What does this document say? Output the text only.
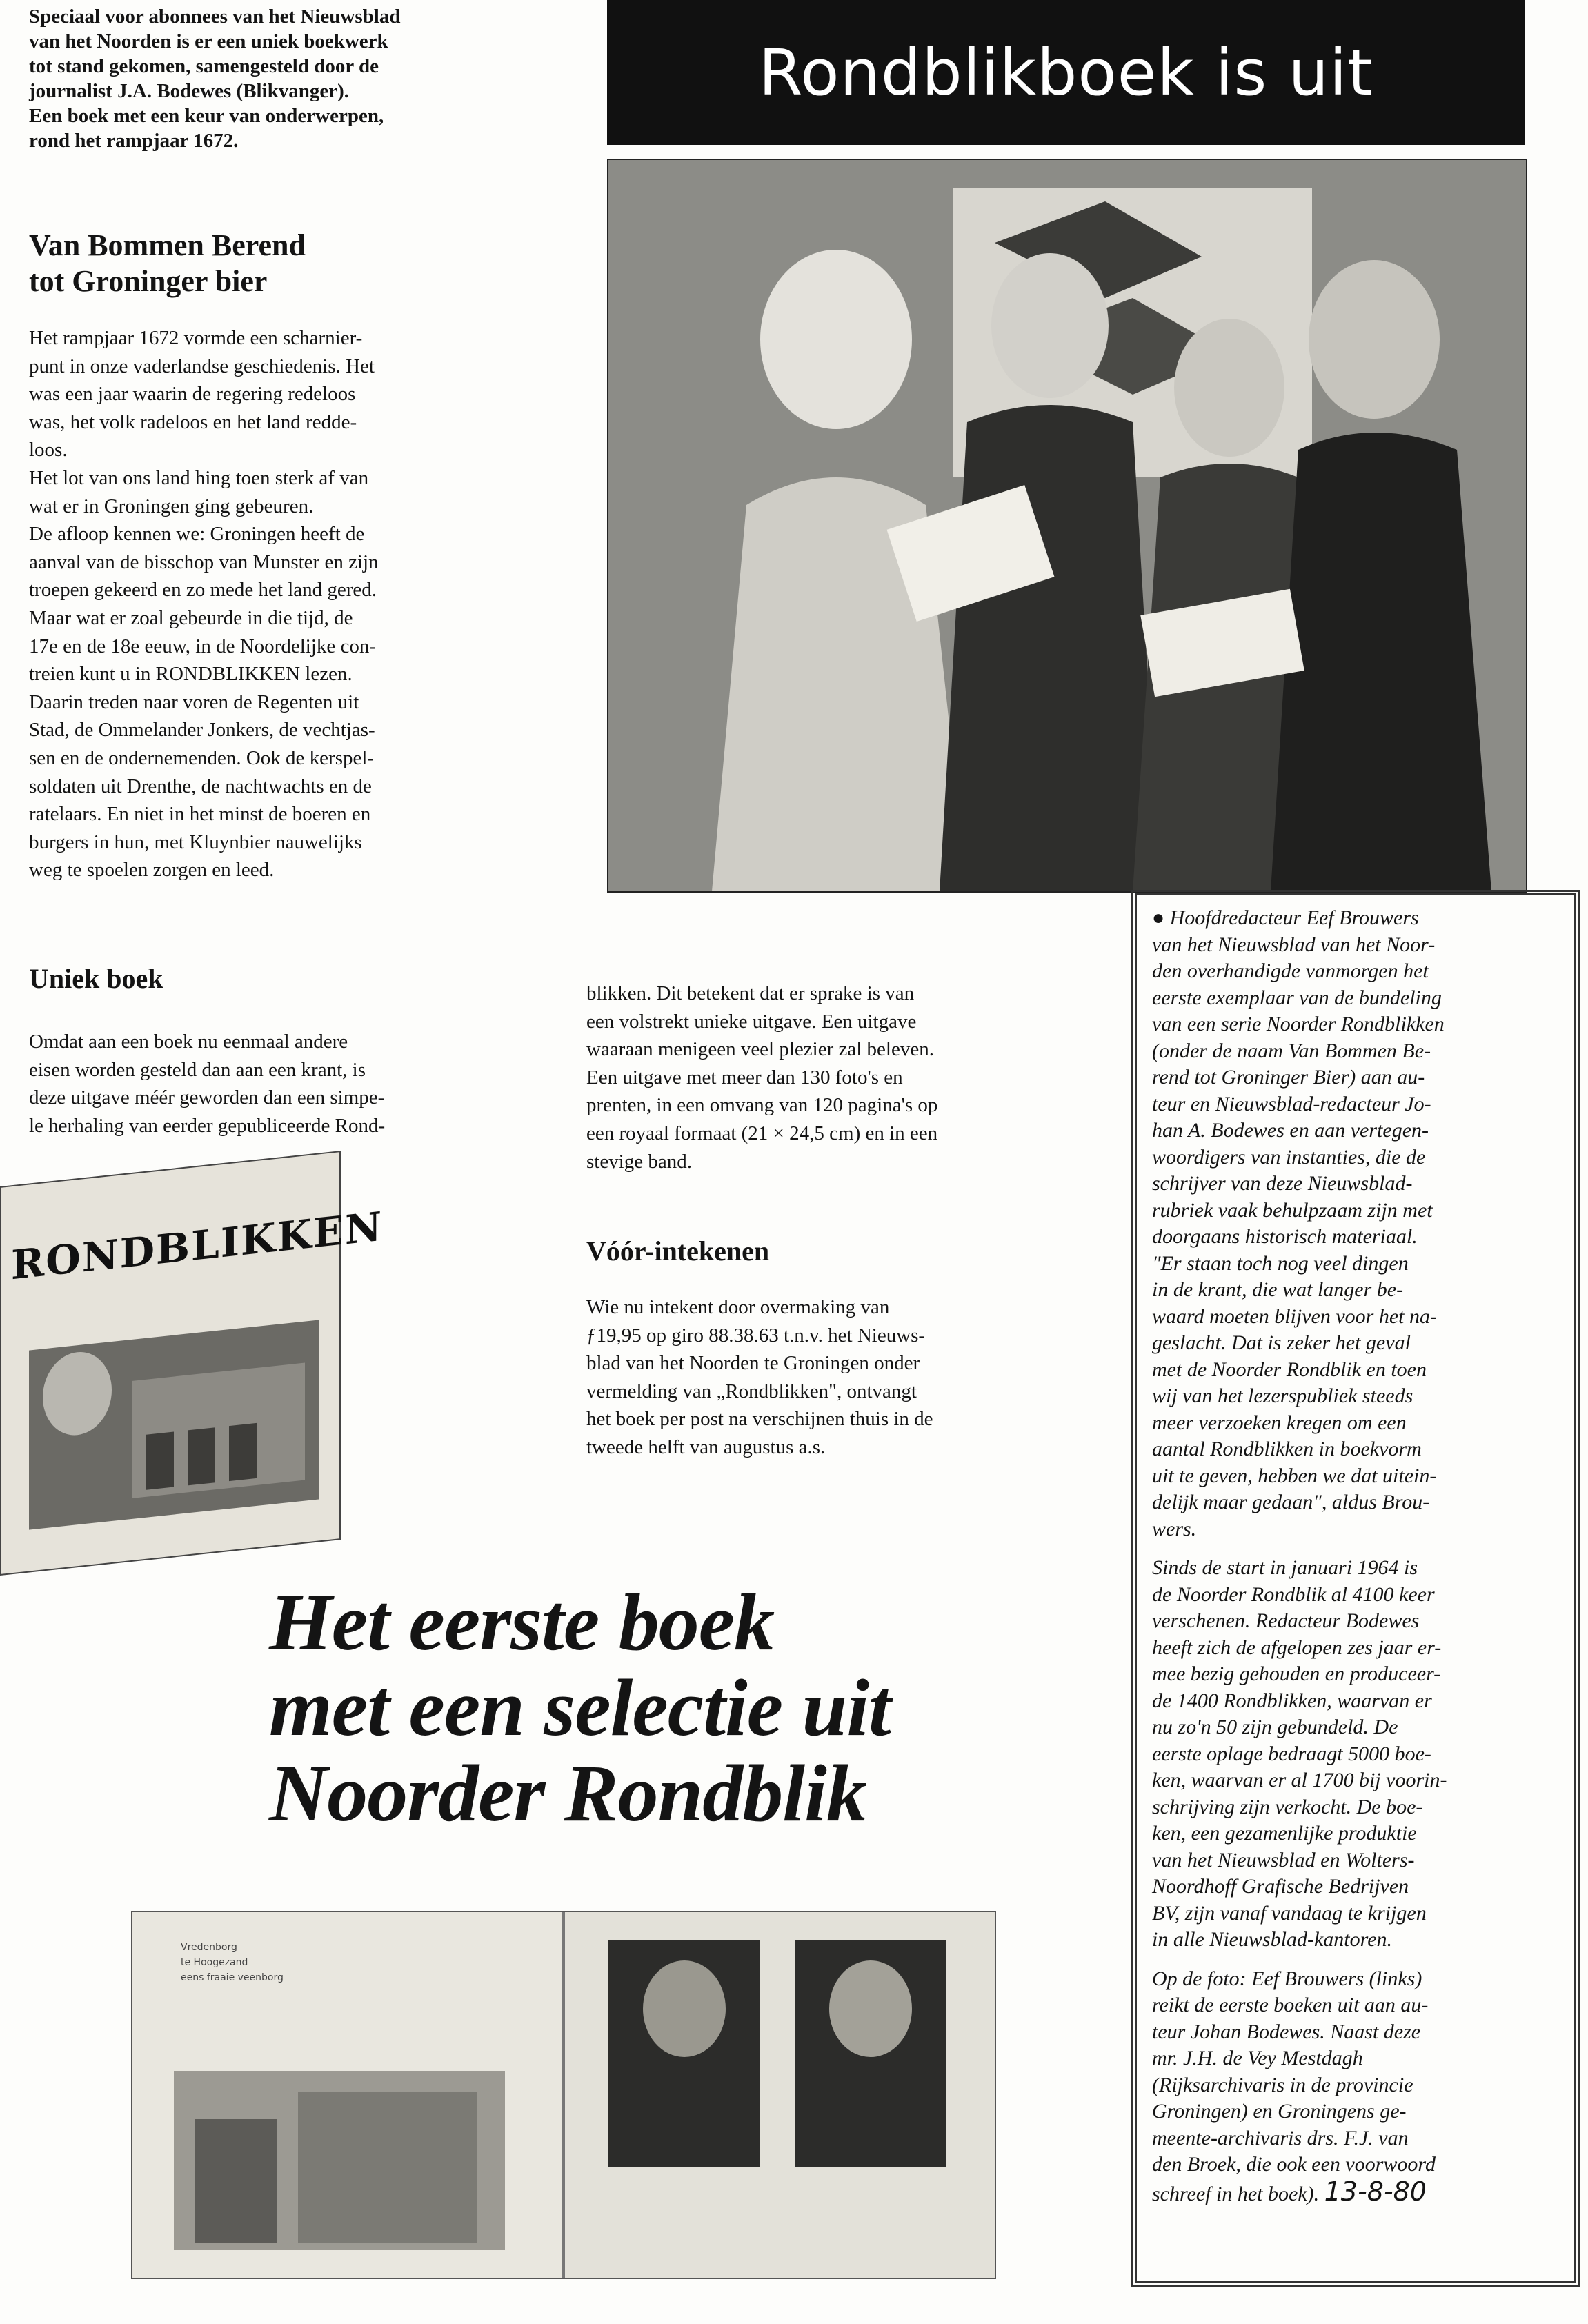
Speciaal voor abonnees van het Nieuwsblad
van het Noorden is er een uniek boekwerk
tot stand gekomen, samengesteld door de
journalist J.A. Bodewes (Blikvanger).
Een boek met een keur van onderwerpen,
rond het rampjaar 1672.
Rondblikboek is uit
Van Bommen Berend
tot Groninger bier
Het rampjaar 1672 vormde een scharnier-
punt in onze vaderlandse geschiedenis. Het
was een jaar waarin de regering redeloos
was, het volk radeloos en het land redde-
loos.
Het lot van ons land hing toen sterk af van
wat er in Groningen ging gebeuren.
De afloop kennen we: Groningen heeft de
aanval van de bisschop van Munster en zijn
troepen gekeerd en zo mede het land gered.
Maar wat er zoal gebeurde in die tijd, de
17e en de 18e eeuw, in de Noordelijke con-
treien kunt u in RONDBLIKKEN lezen.
Daarin treden naar voren de Regenten uit
Stad, de Ommelander Jonkers, de vechtjas-
sen en de ondernemenden. Ook de kerspel-
soldaten uit Drenthe, de nachtwachts en de
ratelaars. En niet in het minst de boeren en
burgers in hun, met Kluynbier nauwelijks
weg te spoelen zorgen en leed.
Uniek boek
Omdat aan een boek nu eenmaal andere
eisen worden gesteld dan aan een krant, is
deze uitgave méér geworden dan een simpe-
le herhaling van eerder gepubliceerde Rond-
blikken. Dit betekent dat er sprake is van
een volstrekt unieke uitgave. Een uitgave
waaraan menigeen veel plezier zal beleven.
Een uitgave met meer dan 130 foto's en
prenten, in een omvang van 120 pagina's op
een royaal formaat (21 × 24,5 cm) en in een
stevige band.
Vóór-intekenen
Wie nu intekent door overmaking van
ƒ19,95 op giro 88.38.63 t.n.v. het Nieuws-
blad van het Noorden te Groningen onder
vermelding van „Rondblikken", ontvangt
het boek per post na verschijnen thuis in de
tweede helft van augustus a.s.

● Hoofdredacteur Eef Brouwers
van het Nieuwsblad van het Noor-
den overhandigde vanmorgen het
eerste exemplaar van de bundeling
van een serie Noorder Rondblikken
(onder de naam Van Bommen Be-
rend tot Groninger Bier) aan au-
teur en Nieuwsblad-redacteur Jo-
han A. Bodewes en aan vertegen-
woordigers van instanties, die de
schrijver van deze Nieuwsblad-
rubriek vaak behulpzaam zijn met
doorgaans historisch materiaal.
"Er staan toch nog veel dingen
in de krant, die wat langer be-
waard moeten blijven voor het na-
geslacht. Dat is zeker het geval
met de Noorder Rondblik en toen
wij van het lezerspubliek steeds
meer verzoeken kregen om een
aantal Rondblikken in boekvorm
uit te geven, hebben we dat uitein-
delijk maar gedaan", aldus Brou-
wers.

Sinds de start in januari 1964 is
de Noorder Rondblik al 4100 keer
verschenen. Redacteur Bodewes
heeft zich de afgelopen zes jaar er-
mee bezig gehouden en produceer-
de 1400 Rondblikken, waarvan er
nu zo'n 50 zijn gebundeld. De
eerste oplage bedraagt 5000 boe-
ken, waarvan er al 1700 bij voorin-
schrijving zijn verkocht. De boe-
ken, een gezamenlijke produktie
van het Nieuwsblad en Wolters-
Noordhoff Grafische Bedrijven
BV, zijn vanaf vandaag te krijgen
in alle Nieuwsblad-kantoren.

Op de foto: Eef Brouwers (links)
reikt de eerste boeken uit aan au-
teur Johan Bodewes. Naast deze
mr. J.H. de Vey Mestdagh
(Rijksarchivaris in de provincie
Groningen) en Groningens ge-
meente-archivaris drs. F.J. van
den Broek, die ook een voorwoord
schreef in het boek). 13-8-80

RONDBLIKKEN
Het eerste boek
met een selectie uit
Noorder Rondblik
Vredenborg
te Hoogezand
eens fraaie veenborg
